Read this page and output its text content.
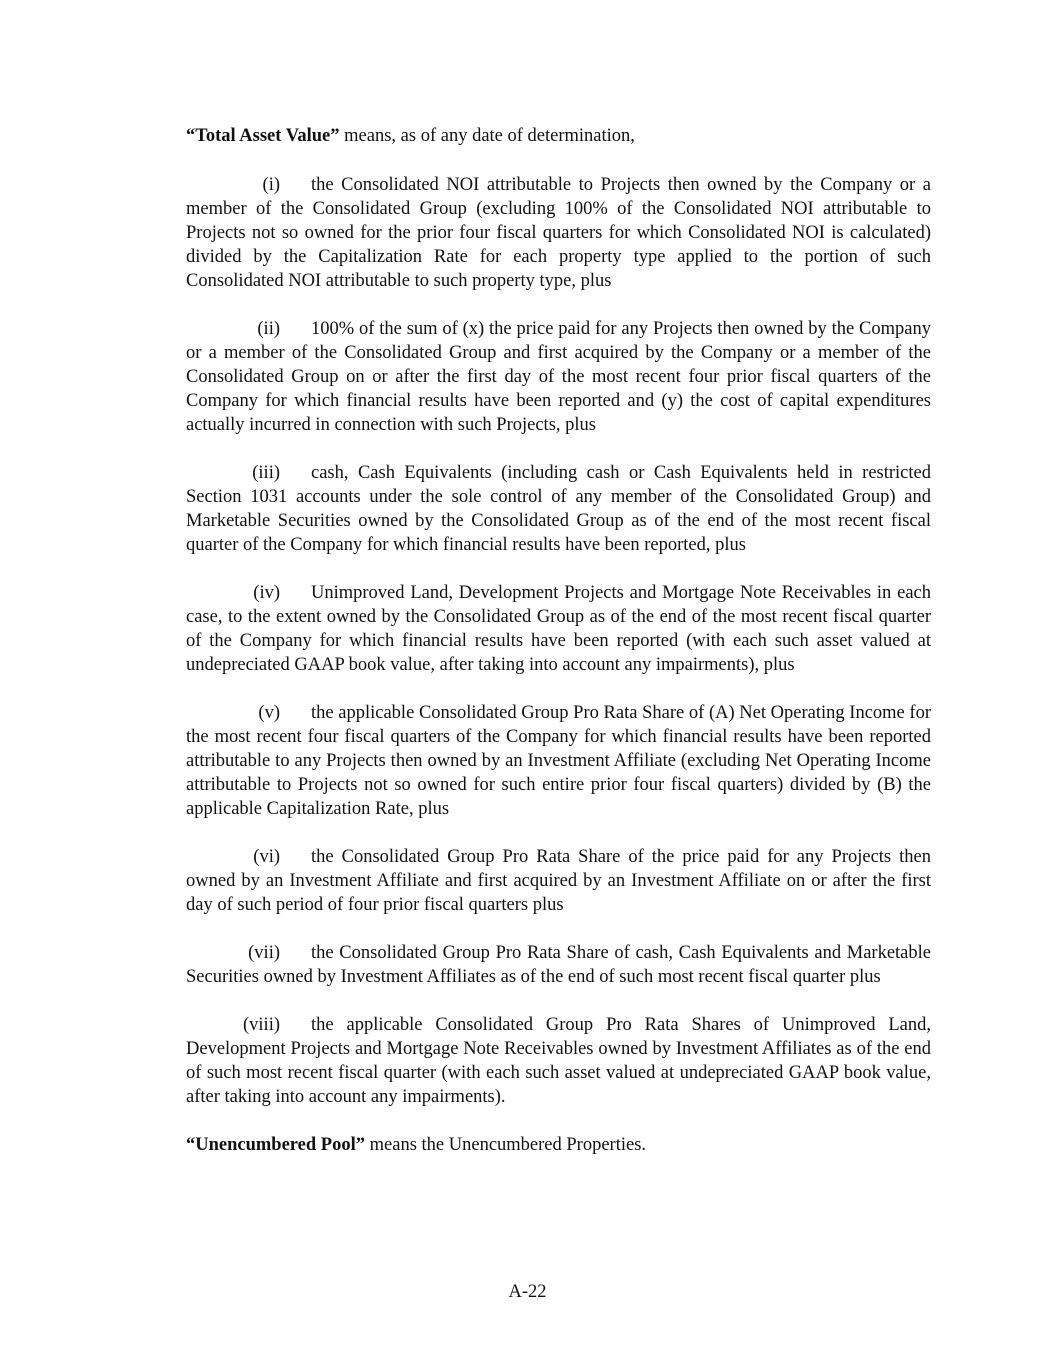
“Total Asset Value” means, as of any date of determination,

(i) the Consolidated NOI attributable to Projects then owned by the Company or a member of the Consolidated Group (excluding 100% of the Consolidated NOI attributable to Projects not so owned for the prior four fiscal quarters for which Consolidated NOI is calculated) divided by the Capitalization Rate for each property type applied to the portion of such Consolidated NOI attributable to such property type, plus

(ii) 100% of the sum of (x) the price paid for any Projects then owned by the Company or a member of the Consolidated Group and first acquired by the Company or a member of the Consolidated Group on or after the first day of the most recent four prior fiscal quarters of the Company for which financial results have been reported and (y) the cost of capital expenditures actually incurred in connection with such Projects, plus

(iii) cash, Cash Equivalents (including cash or Cash Equivalents held in restricted Section 1031 accounts under the sole control of any member of the Consolidated Group) and Marketable Securities owned by the Consolidated Group as of the end of the most recent fiscal quarter of the Company for which financial results have been reported, plus

(iv) Unimproved Land, Development Projects and Mortgage Note Receivables in each case, to the extent owned by the Consolidated Group as of the end of the most recent fiscal quarter of the Company for which financial results have been reported (with each such asset valued at undepreciated GAAP book value, after taking into account any impairments), plus

(v) the applicable Consolidated Group Pro Rata Share of (A) Net Operating Income for the most recent four fiscal quarters of the Company for which financial results have been reported attributable to any Projects then owned by an Investment Affiliate (excluding Net Operating Income attributable to Projects not so owned for such entire prior four fiscal quarters) divided by (B) the applicable Capitalization Rate, plus

(vi) the Consolidated Group Pro Rata Share of the price paid for any Projects then owned by an Investment Affiliate and first acquired by an Investment Affiliate on or after the first day of such period of four prior fiscal quarters plus

(vii) the Consolidated Group Pro Rata Share of cash, Cash Equivalents and Marketable Securities owned by Investment Affiliates as of the end of such most recent fiscal quarter plus

(viii) the applicable Consolidated Group Pro Rata Shares of Unimproved Land, Development Projects and Mortgage Note Receivables owned by Investment Affiliates as of the end of such most recent fiscal quarter (with each such asset valued at undepreciated GAAP book value, after taking into account any impairments).

“Unencumbered Pool” means the Unencumbered Properties.

A-22
